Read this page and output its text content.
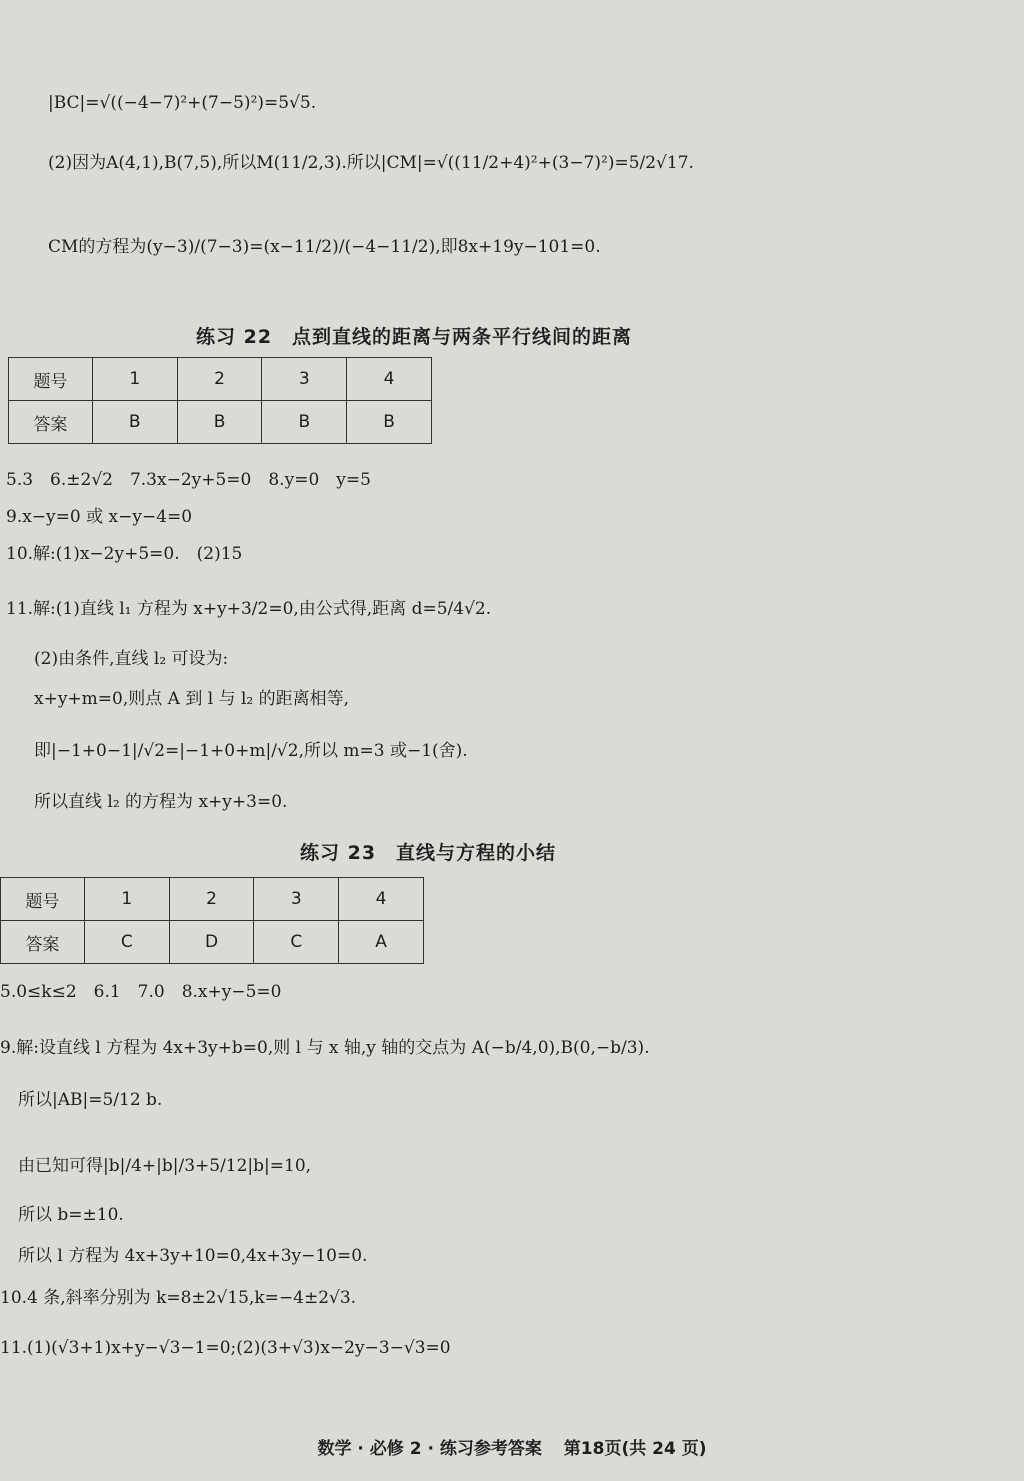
|BC|=√((−4−7)²+(7−5)²)=5√5.
(2)因为A(4,1),B(7,5),所以M(11/2,3).所以|CM|=√((11/2+4)²+(3−7)²)=5/2√17.
CM的方程为(y−3)/(7−3)=(x−11/2)/(−4−11/2),即8x+19y−101=0.
练习 22　点到直线的距离与两条平行线间的距离
题号	1	2	3	4
答案	B	B	B	B
5.3　6.±2√2　7.3x−2y+5=0　8.y=0　y=5
9.x−y=0 或 x−y−4=0
10.解:(1)x−2y+5=0.　(2)15
11.解:(1)直线 l₁ 方程为 x+y+3/2=0,由公式得,距离 d=5/4√2.
(2)由条件,直线 l₂ 可设为:
x+y+m=0,则点 A 到 l 与 l₂ 的距离相等,
即|−1+0−1|/√2=|−1+0+m|/√2,所以 m=3 或−1(舍).
所以直线 l₂ 的方程为 x+y+3=0.
练习 23　直线与方程的小结
题号	1	2	3	4
答案	C	D	C	A
5.0≤k≤2　6.1　7.0　8.x+y−5=0
9.解:设直线 l 方程为 4x+3y+b=0,则 l 与 x 轴,y 轴的交点为 A(−b/4,0),B(0,−b/3).
所以|AB|=5/12 b.
由已知可得|b|/4+|b|/3+5/12|b|=10,
所以 b=±10.
所以 l 方程为 4x+3y+10=0,4x+3y−10=0.
10.4 条,斜率分别为 k=8±2√15,k=−4±2√3.
11.(1)(√3+1)x+y−√3−1=0;(2)(3+√3)x−2y−3−√3=0
数学 · 必修 2 · 练习参考答案 第18页(共 24 页)
